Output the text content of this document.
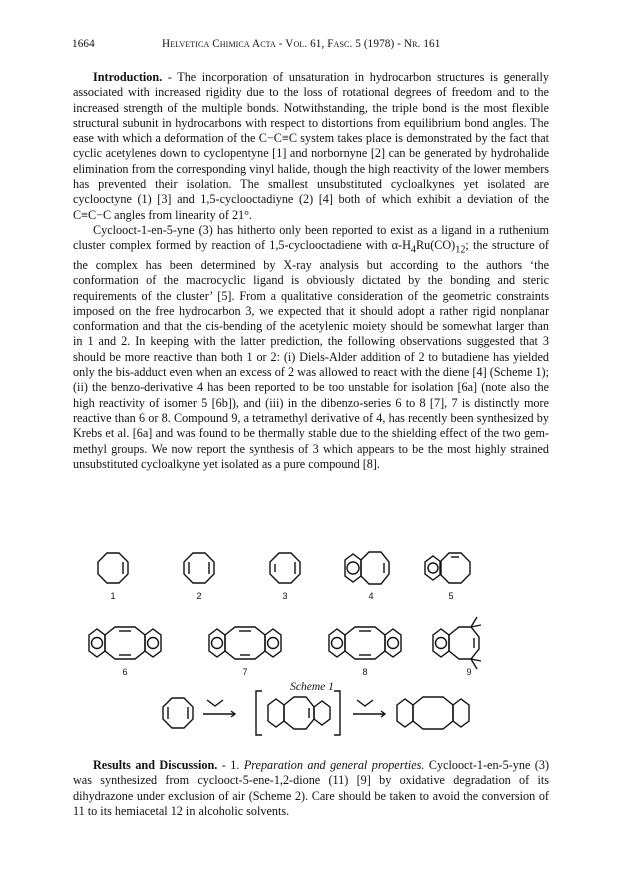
1664	Helvetica Chimica Acta - Vol. 61, Fasc. 5 (1978) - Nr. 161

Introduction. - The incorporation of unsaturation in hydrocarbon structures is generally associated with increased rigidity due to the loss of rotational degrees of freedom and to the increased strength of the multiple bonds. Notwithstanding, the triple bond is the most flexible structural subunit in hydrocarbons with respect to distortions from equilibrium bond angles. The ease with which a deformation of the C−C≡C system takes place is demonstrated by the fact that cyclic acetylenes down to cyclopentyne [1] and norbornyne [2] can be generated by hydrohalide elimination from the corresponding vinyl halide, though the high reactivity of the lower members has prevented their isolation. The smallest unsubstituted cycloalkynes yet isolated are cyclooctyne (1) [3] and 1,5-cyclooctadiyne (2) [4] both of which exhibit a deviation of the C≡C−C angles from linearity of 21°.

Cyclooct-1-en-5-yne (3) has hitherto only been reported to exist as a ligand in a ruthenium cluster complex formed by reaction of 1,5-cyclooctadiene with $\alpha-H_4Ru(CO)_{12}$; the structure of the complex has been determined by X-ray analysis but according to the authors ‘the conformation of the macrocyclic ligand is obviously dictated by the bonding and steric requirements of the cluster’ [5]. From a qualitative consideration of the geometric constraints imposed on the free hydrocarbon 3, we expected that it should adopt a rather rigid nonplanar conformation and that the cis-bending of the acetylenic moiety should be somewhat larger than in 1 and 2. In keeping with the latter prediction, the following observations suggested that 3 should be more reactive than both 1 or 2: (i) Diels-Alder addition of 2 to butadiene has yielded only the bis-adduct even when an excess of 2 was allowed to react with the diene [4] (Scheme 1); (ii) the benzo-derivative 4 has been reported to be too unstable for isolation [6a] (note also the high reactivity of isomer 5 [6b]), and (iii) in the dibenzo-series 6 to 8 [7], 7 is distinctly more reactive than 6 or 8. Compound 9, a tetramethyl derivative of 4, has recently been synthesized by Krebs et al. [6a] and was found to be thermally stable due to the shielding effect of the two gem-methyl groups. We now report the synthesis of 3 which appears to be the most highly strained unsubstituted cycloalkyne yet isolated as a pure compound [8].

1	2	3	4	5
6	7	8	9
Scheme 1

Results and Discussion. - 1. Preparation and general properties. Cyclooct-1-en-5-yne (3) was synthesized from cyclooct-5-ene-1,2-dione (11) [9] by oxidative degradation of its dihydrazone under exclusion of air (Scheme 2). Care should be taken to avoid the conversion of 11 to its hemiacetal 12 in alcoholic solvents.
